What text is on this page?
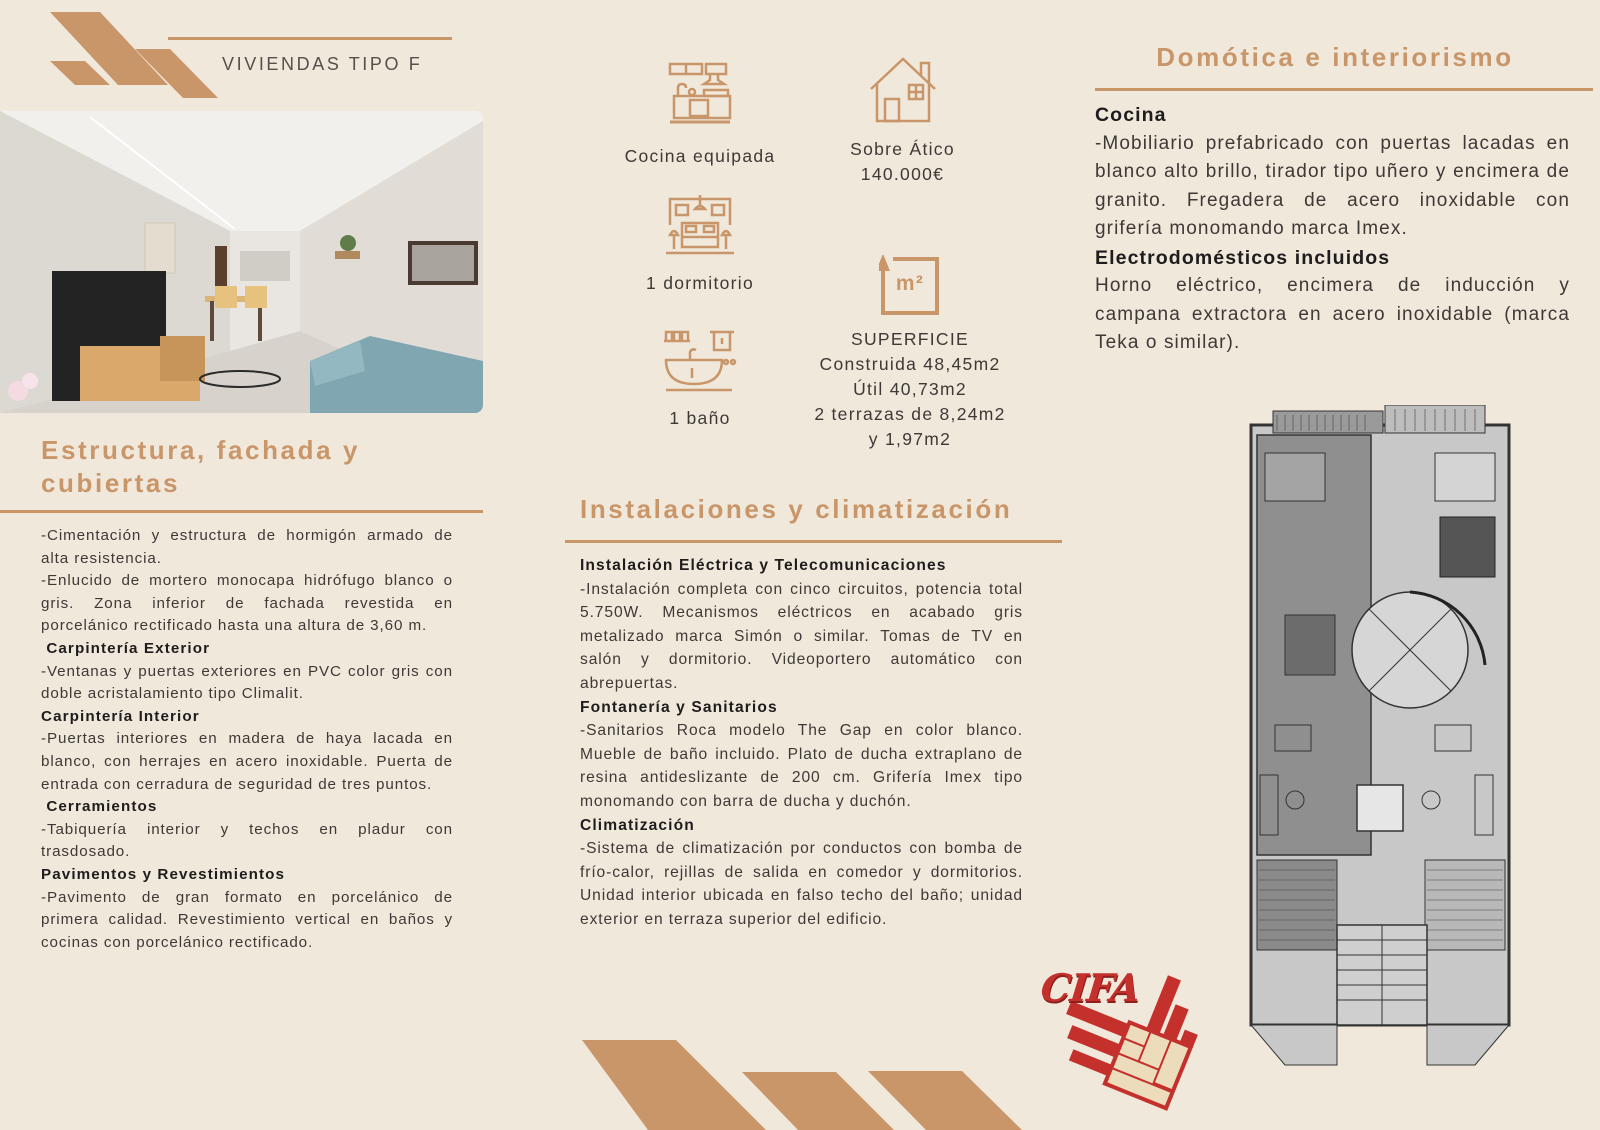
VIVIENDAS TIPO F
Estructura, fachada y cubiertas
-Cimentación y estructura de hormigón armado de alta resistencia.
-Enlucido de mortero monocapa hidrófugo blanco o gris. Zona inferior de fachada revestida en porcelánico rectificado hasta una altura de 3,60 m.
Carpintería Exterior
-Ventanas y puertas exteriores en PVC color gris con doble acristalamiento tipo Climalit.
Carpintería Interior
-Puertas interiores en madera de haya lacada en blanco, con herrajes en acero inoxidable. Puerta de entrada con cerradura de seguridad de tres puntos.
Cerramientos
-Tabiquería interior y techos en pladur con trasdosado.
Pavimentos y Revestimientos
-Pavimento de gran formato en porcelánico de primera calidad. Revestimiento vertical en baños y cocinas con porcelánico rectificado.
Cocina equipada	Sobre Ático
140.000€
1 dormitorio
1 baño
m²
SUPERFICIE
Construida 48,45m2
Útil 40,73m2
2 terrazas de 8,24m2
y 1,97m2
Instalaciones y climatización
Instalación Eléctrica y Telecomunicaciones
-Instalación completa con cinco circuitos, potencia total 5.750W. Mecanismos eléctricos en acabado gris metalizado marca Simón o similar. Tomas de TV en salón y dormitorio. Videoportero automático con abrepuertas.
Fontanería y Sanitarios
-Sanitarios Roca modelo The Gap en color blanco. Mueble de baño incluido. Plato de ducha extraplano de resina antideslizante de 200 cm. Grifería Imex tipo monomando con barra de ducha y duchón.
Climatización
-Sistema de climatización por conductos con bomba de frío-calor, rejillas de salida en comedor y dormitorios. Unidad interior ubicada en falso techo del baño; unidad exterior en terraza superior del edificio.
Domótica e interiorismo
Cocina
-Mobiliario prefabricado con puertas lacadas en blanco alto brillo, tirador tipo uñero y encimera de granito. Fregadera de acero inoxidable con grifería monomando marca Imex.
Electrodomésticos incluidos
Horno eléctrico, encimera de inducción y campana extractora en acero inoxidable (marca Teka o similar).
CIFA
